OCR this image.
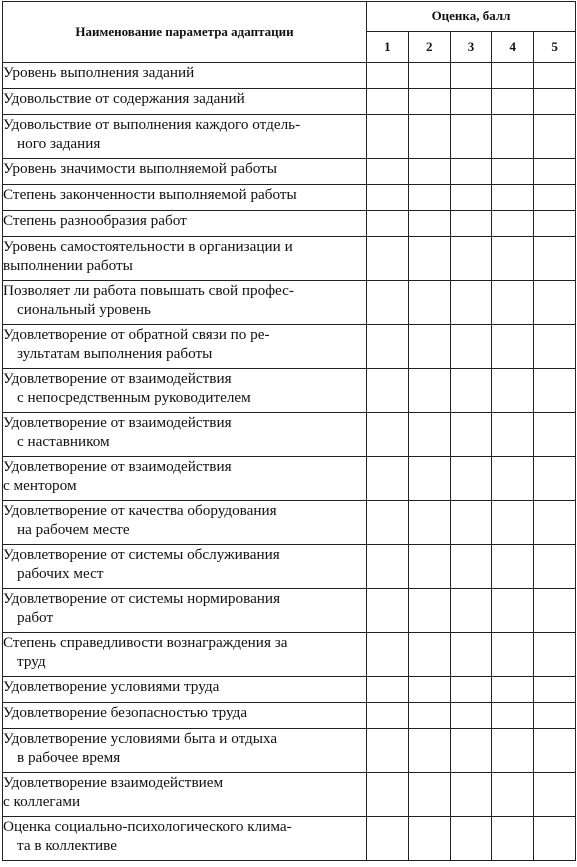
Наименование параметра адаптации	Оценка, балл				
	1	2	3	4	5

Уровень выполнения заданий					

Удовольствие от содержания заданий					

Удовольствие от выполнения каждого отдель-
ного задания					

Уровень значимости выполняемой работы					

Степень законченности выполняемой работы					

Степень разнообразия работ					

Уровень самостоятельности в организации и
выполнении работы					

Позволяет ли работа повышать свой профес-
сиональный уровень					

Удовлетворение от обратной связи по ре-
зультатам выполнения работы					

Удовлетворение от взаимодействия
с непосредственным руководителем					

Удовлетворение от взаимодействия
с наставником					

Удовлетворение от взаимодействия
с ментором					

Удовлетворение от качества оборудования
на рабочем месте					

Удовлетворение от системы обслуживания
рабочих мест					

Удовлетворение от системы нормирования
работ					

Степень справедливости вознаграждения за
труд					

Удовлетворение условиями труда					

Удовлетворение безопасностью труда					

Удовлетворение условиями быта и отдыха
в рабочее время					

Удовлетворение взаимодействием
с коллегами					

Оценка социально-психологического клима-
та в коллективе					
